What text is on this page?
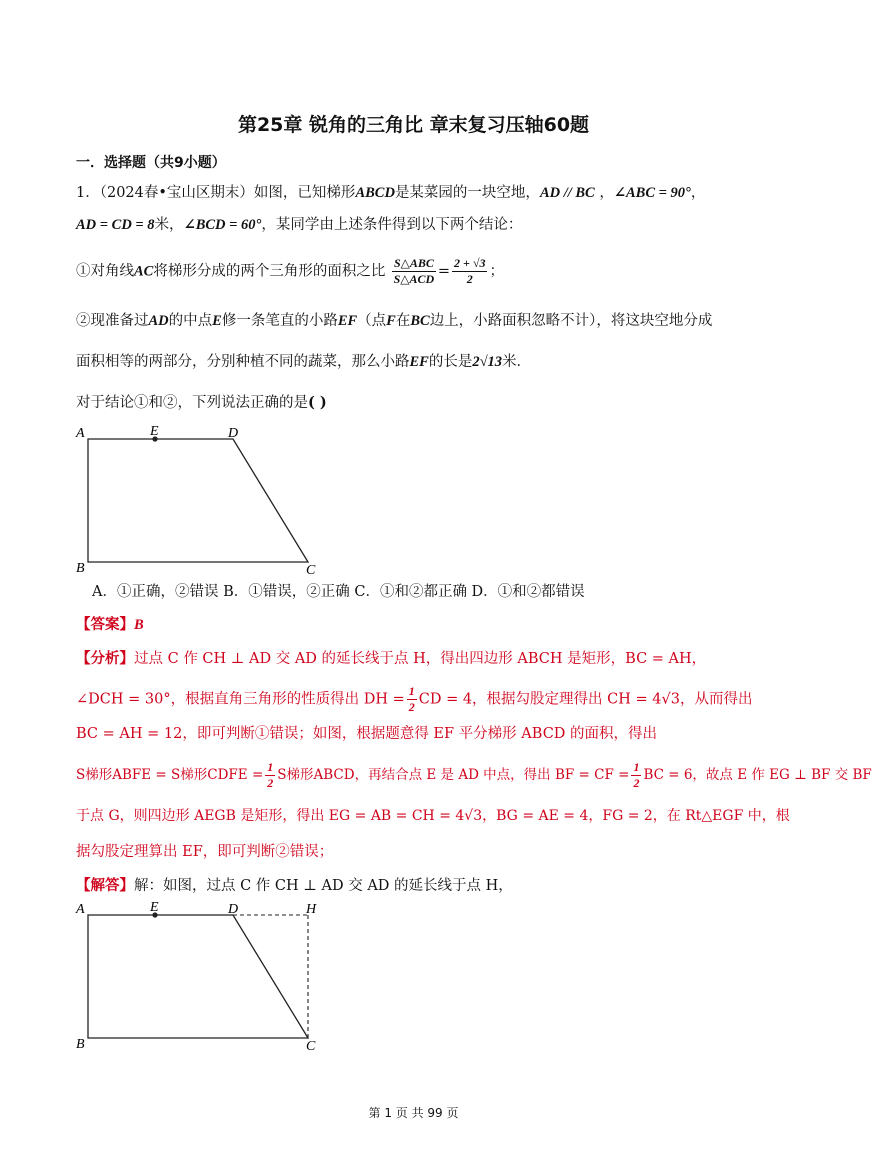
第25章 锐角的三角比 章末复习压轴60题
一．选择题（共9小题）
1．（2024春•宝山区期末）如图，已知梯形ABCD是某菜园的一块空地，AD // BC ，∠ABC = 90°，
AD = CD = 8米，∠BCD = 60°，某同学由上述条件得到以下两个结论：
①对角线AC将梯形分成的两个三角形的面积之比 $\frac{\text{S△ABC}}{\text{S△ACD}} = \frac{2 + √3}{2}$ ；
②现准备过AD的中点E修一条笔直的小路EF（点F在BC边上，小路面积忽略不计），将这块空地分成
面积相等的两部分，分别种植不同的蔬菜，那么小路EF的长是2√13米．
对于结论①和②，下列说法正确的是( )
A	E	D
B	C
A．①正确，②错误 B．①错误，②正确 C．①和②都正确 D．①和②都错误
【答案】B
【分析】过点 C 作 CH ⊥ AD 交 AD 的延长线于点 H，得出四边形 ABCH 是矩形，BC = AH，
∠DCH = 30°，根据直角三角形的性质得出 DH = $\frac{1}{2}$ CD = 4，根据勾股定理得出 CH = 4√3，从而得出
BC = AH = 12，即可判断①错误；如图，根据题意得 EF 平分梯形 ABCD 的面积，得出
S梯形ABFE = S梯形CDFE = $\frac{1}{2}$ S梯形ABCD，再结合点 E 是 AD 中点，得出 BF = CF = $\frac{1}{2}$ BC = 6，故点 E 作 EG ⊥ BF 交 BF
于点 G，则四边形 AEGB 是矩形，得出 EG = AB = CH = 4√3，BG = AE = 4，FG = 2，在 Rt△EGF 中，根
据勾股定理算出 EF，即可判断②错误；
【解答】解：如图，过点 C 作 CH ⊥ AD 交 AD 的延长线于点 H，
A	E	D	H
B	C
第 1 页 共 99 页
